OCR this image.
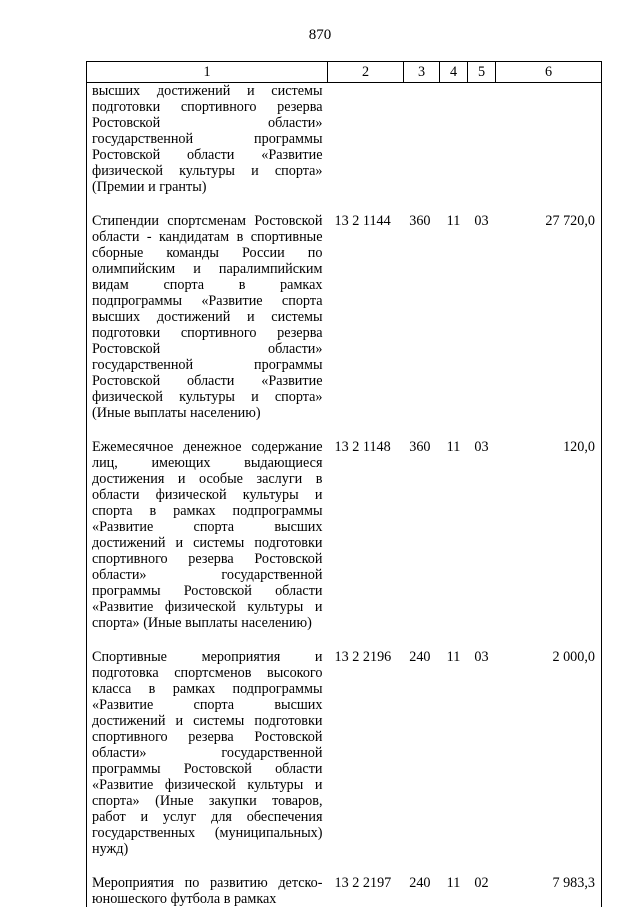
870
1	2	3	4	5	6
высших достижений и системы подготовки спортивного резерва Ростовской области» государственной программы Ростовской области «Развитие физической культуры и спорта» (Премии и гранты)					
Стипендии спортсменам Ростовской области - кандидатам в спортивные сборные команды России по олимпийским и паралимпийским видам спорта в рамках подпрограммы «Развитие спорта высших достижений и системы подготовки спортивного резерва Ростовской области» государственной программы Ростовской области «Развитие физической культуры и спорта» (Иные выплаты населению)	13 2 1144	360	11	03	27 720,0
Ежемесячное денежное содержание лиц, имеющих выдающиеся достижения и особые заслуги в области физической культуры и спорта в рамках подпрограммы «Развитие спорта высших достижений и системы подготовки спортивного резерва Ростовской области» государственной программы Ростовской области «Развитие физической культуры и спорта» (Иные выплаты населению)	13 2 1148	360	11	03	120,0
Спортивные мероприятия и подготовка спортсменов высокого класса в рамках подпрограммы «Развитие спорта высших достижений и системы подготовки спортивного резерва Ростовской области» государственной программы Ростовской области «Развитие физической культуры и спорта» (Иные закупки товаров, работ и услуг для обеспечения государственных (муниципальных) нужд)	13 2 2196	240	11	03	2 000,0
Мероприятия по развитию детско-юношеского футбола в рамках	13 2 2197	240	11	02	7 983,3
